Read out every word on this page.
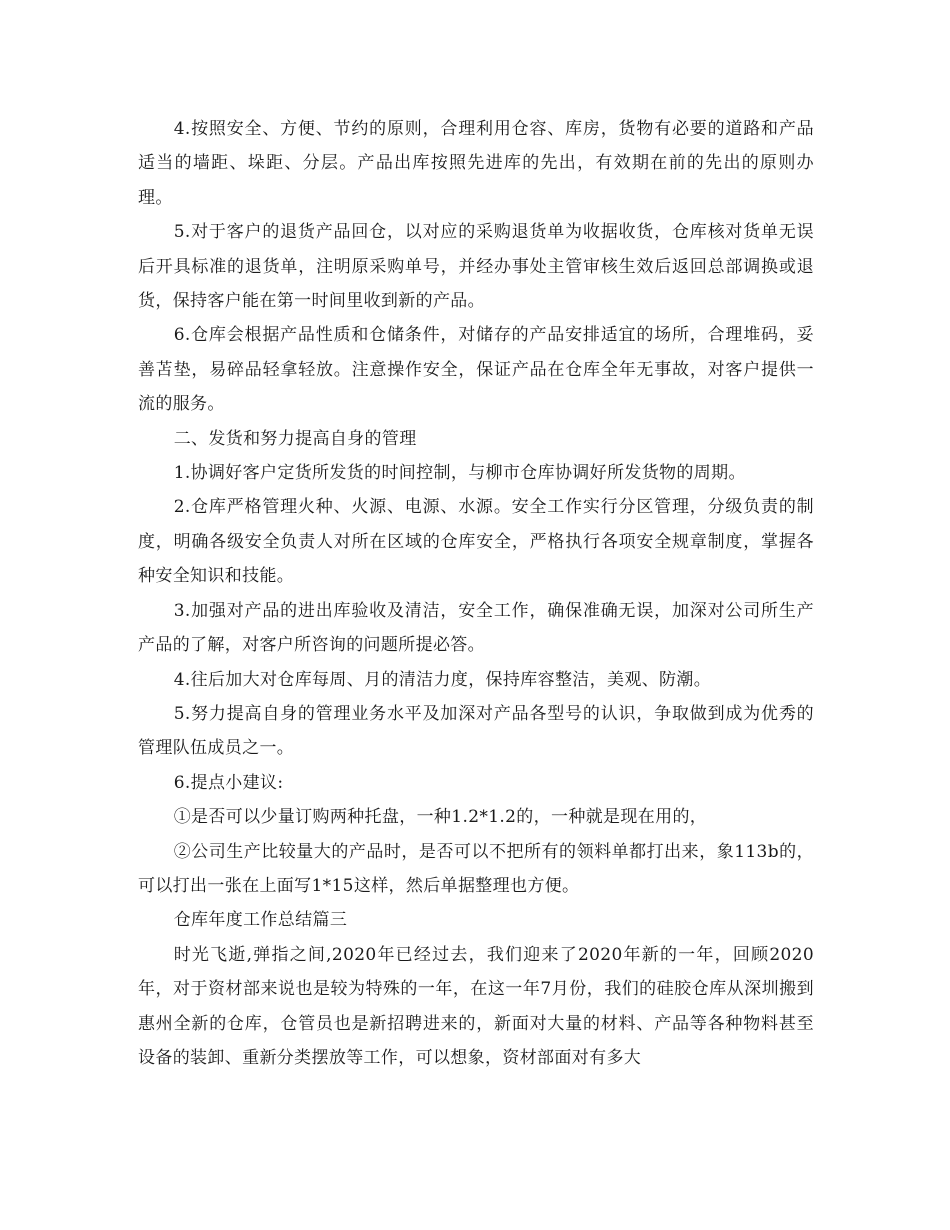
4.按照安全、方便、节约的原则，合理利用仓容、库房，货物有必要的道路和产品适当的墙距、垛距、分层。产品出库按照先进库的先出，有效期在前的先出的原则办理。

5.对于客户的退货产品回仓，以对应的采购退货单为收据收货，仓库核对货单无误后开具标准的退货单，注明原采购单号，并经办事处主管审核生效后返回总部调换或退货，保持客户能在第一时间里收到新的产品。

6.仓库会根据产品性质和仓储条件，对储存的产品安排适宜的场所，合理堆码，妥善苫垫，易碎品轻拿轻放。注意操作安全，保证产品在仓库全年无事故，对客户提供一流的服务。

二、发货和努力提高自身的管理

1.协调好客户定货所发货的时间控制，与柳市仓库协调好所发货物的周期。

2.仓库严格管理火种、火源、电源、水源。安全工作实行分区管理，分级负责的制度，明确各级安全负责人对所在区域的仓库安全，严格执行各项安全规章制度，掌握各种安全知识和技能。

3.加强对产品的进出库验收及清洁，安全工作，确保准确无误，加深对公司所生产产品的了解，对客户所咨询的问题所提必答。

4.往后加大对仓库每周、月的清洁力度，保持库容整洁，美观、防潮。

5.努力提高自身的管理业务水平及加深对产品各型号的认识，争取做到成为优秀的管理队伍成员之一。

6.提点小建议:

①是否可以少量订购两种托盘，一种1.2*1.2的，一种就是现在用的，

②公司生产比较量大的产品时，是否可以不把所有的领料单都打出来，象113b的，可以打出一张在上面写1*15这样，然后单据整理也方便。

仓库年度工作总结篇三

时光飞逝,弹指之间,2020年已经过去，我们迎来了2020年新的一年，回顾2020年，对于资材部来说也是较为特殊的一年，在这一年7月份，我们的硅胶仓库从深圳搬到惠州全新的仓库，仓管员也是新招聘进来的，新面对大量的材料、产品等各种物料甚至设备的装卸、重新分类摆放等工作，可以想象，资材部面对有多大
